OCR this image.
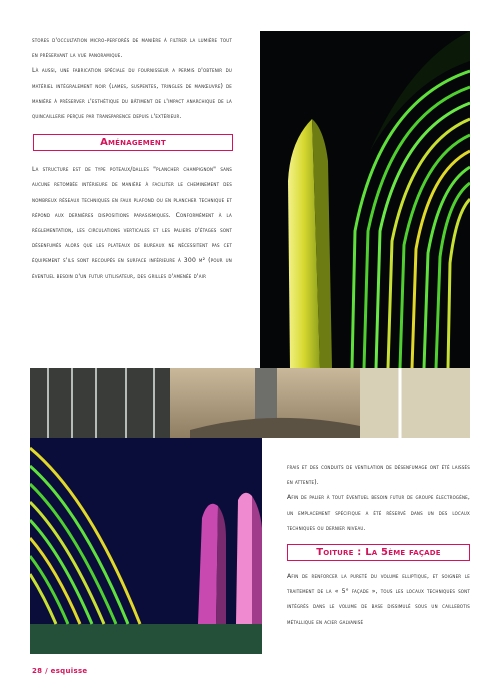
stores d'occultation micro-perforés de manière à filtrer la lumière tout en préservant la vue panoramique.

Là aussi, une fabrication spéciale du fournisseur a permis d'obtenir du matériel intégralement noir (lames, suspentes, tringles de manœuvre) de manière à préserver l'esthétique du bâtiment de l'impact anarchique de la quincaillerie perçue par transparence depuis l'extérieur.

Aménagement

La structure est de type poteaux/dalles "plancher champignon" sans aucune retombée intérieure de manière à faciliter le cheminement des nombreux réseaux techniques en faux plafond ou en plancher technique et répond aux dernières dispositions parasismiques. Conformément à la réglementation, les circulations verticales et les paliers d'étages sont désenfumés alors que les plateaux de bureaux ne nécessitent pas cet équipement s'ils sont recoupés en surface inférieure à 300 m² (pour un éventuel besoin d'un futur utilisateur, des grilles d'amenée d'air

frais et des conduits de ventilation de désenfumage ont été laissés en attente).

Afin de palier à tout éventuel besoin futur de groupe électrogène, un emplacement spécifique a été réservé dans un des locaux techniques ou dernier niveau.

Toiture : La 5ème façade

Afin de renforcer la pureté du volume elliptique, et soigner le traitement de la « 5° façade », tous les locaux techniques sont intégrés dans le volume de base dissimulé sous un caillebotis métallique en acier galvanisé

28 / esquisse
